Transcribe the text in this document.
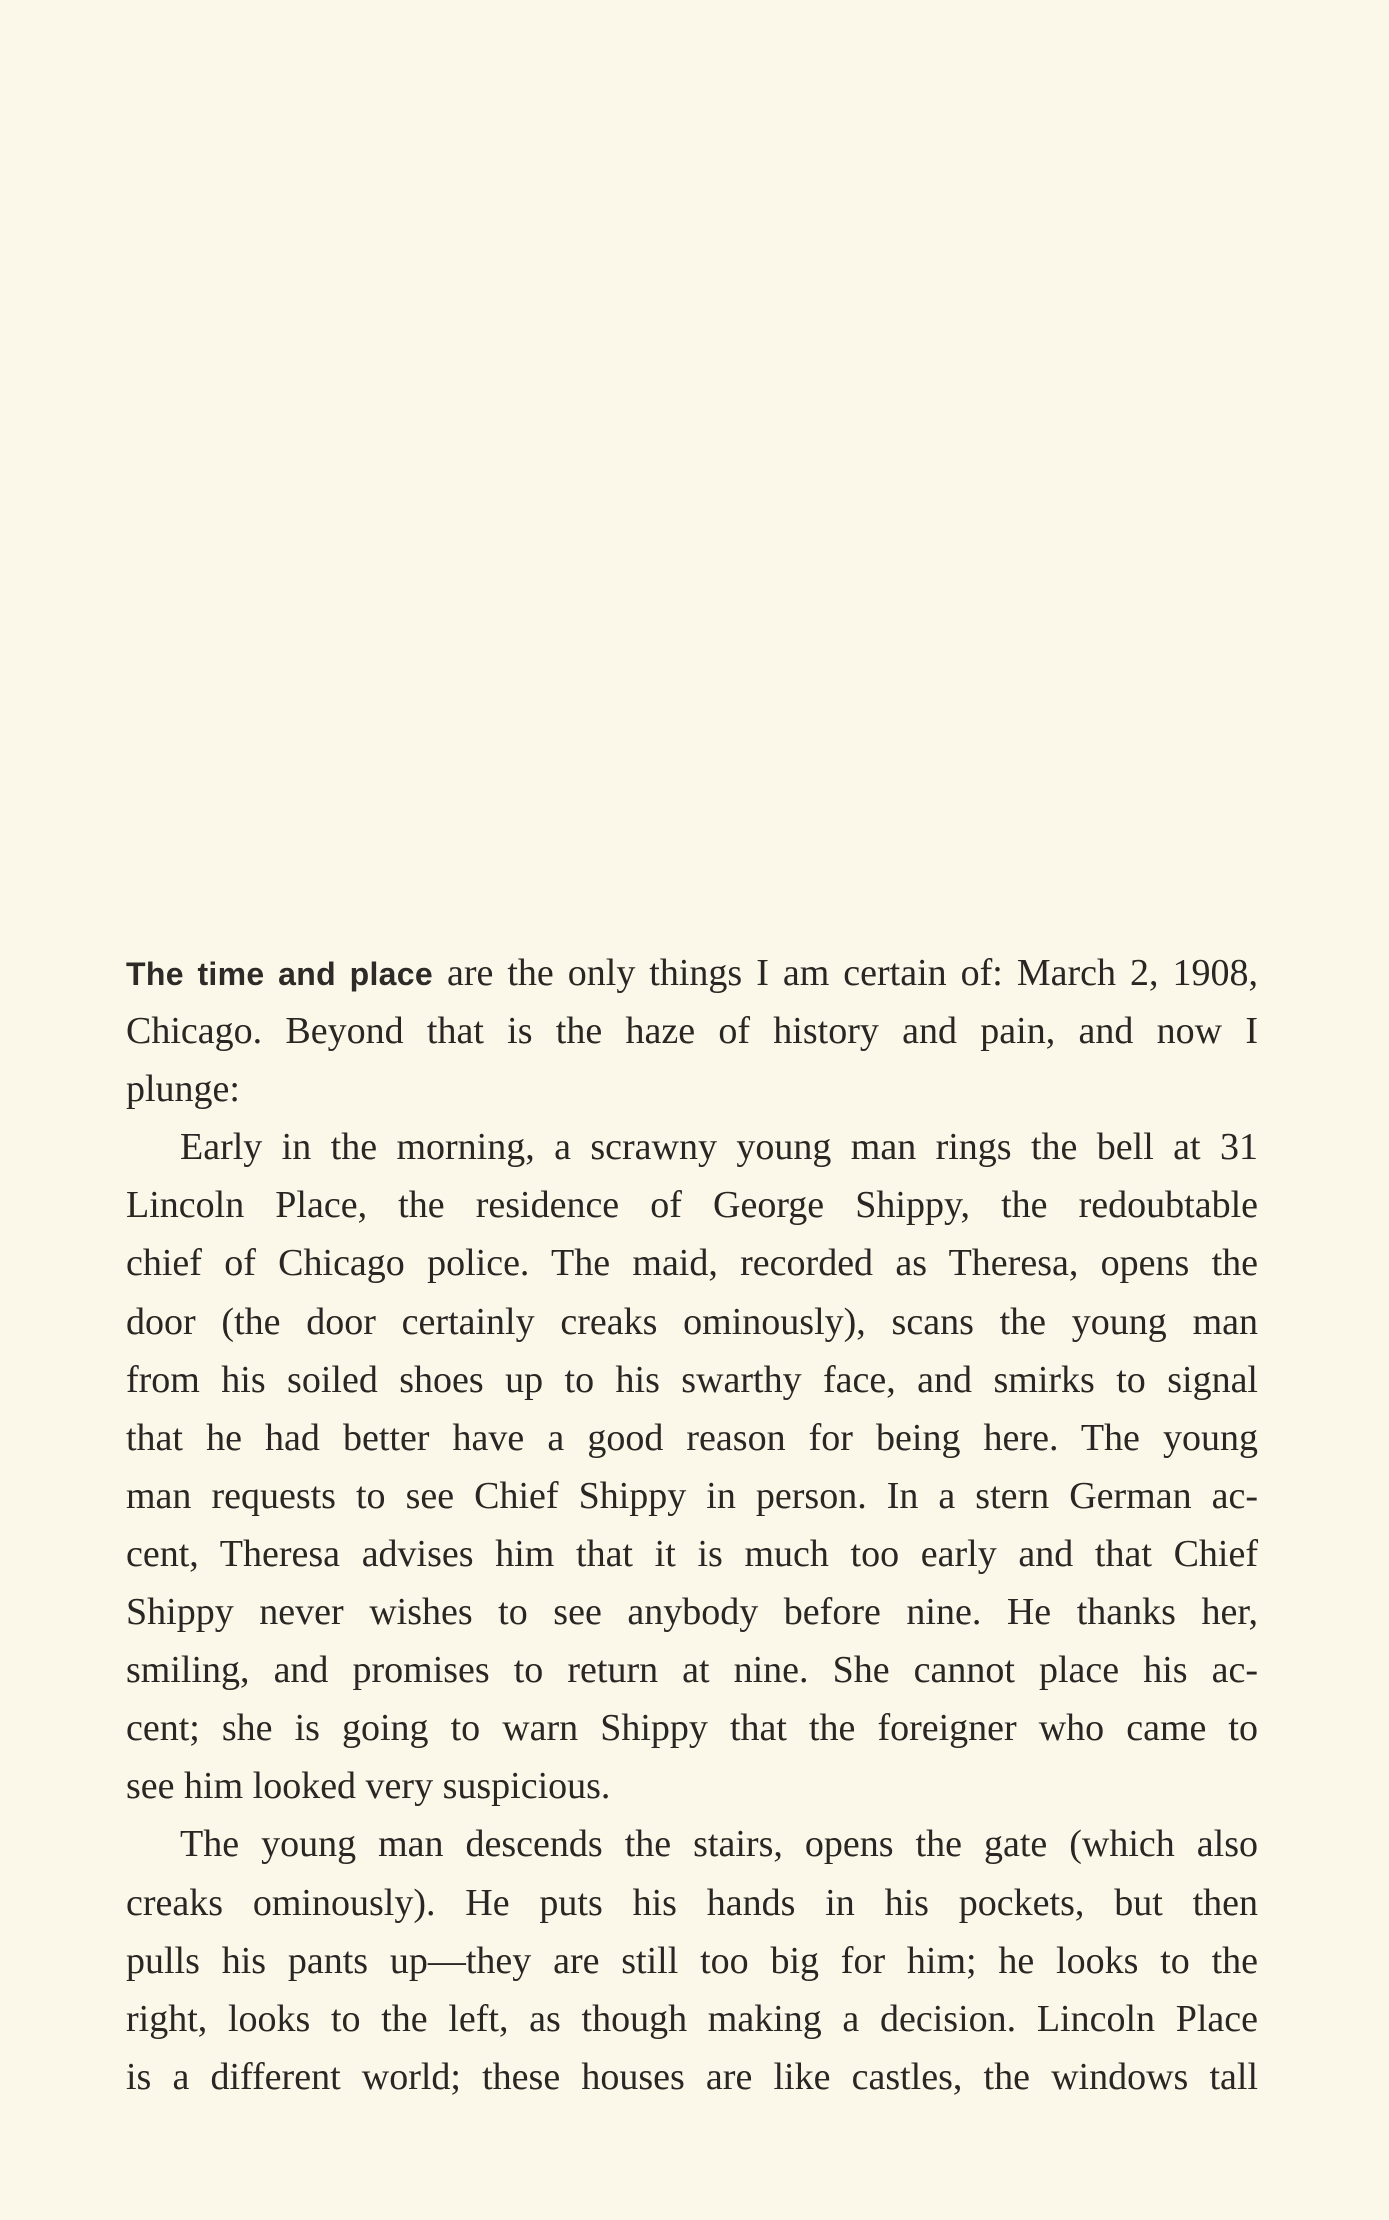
The time and place are the only things I am certain of: March 2, 1908,
Chicago. Beyond that is the haze of history and pain, and now I
plunge:
Early in the morning, a scrawny young man rings the bell at 31
Lincoln Place, the residence of George Shippy, the redoubtable
chief of Chicago police. The maid, recorded as Theresa, opens the
door (the door certainly creaks ominously), scans the young man
from his soiled shoes up to his swarthy face, and smirks to signal
that he had better have a good reason for being here. The young
man requests to see Chief Shippy in person. In a stern German ac-
cent, Theresa advises him that it is much too early and that Chief
Shippy never wishes to see anybody before nine. He thanks her,
smiling, and promises to return at nine. She cannot place his ac-
cent; she is going to warn Shippy that the foreigner who came to
see him looked very suspicious.
The young man descends the stairs, opens the gate (which also
creaks ominously). He puts his hands in his pockets, but then
pulls his pants up—they are still too big for him; he looks to the
right, looks to the left, as though making a decision. Lincoln Place
is a different world; these houses are like castles, the windows tall
